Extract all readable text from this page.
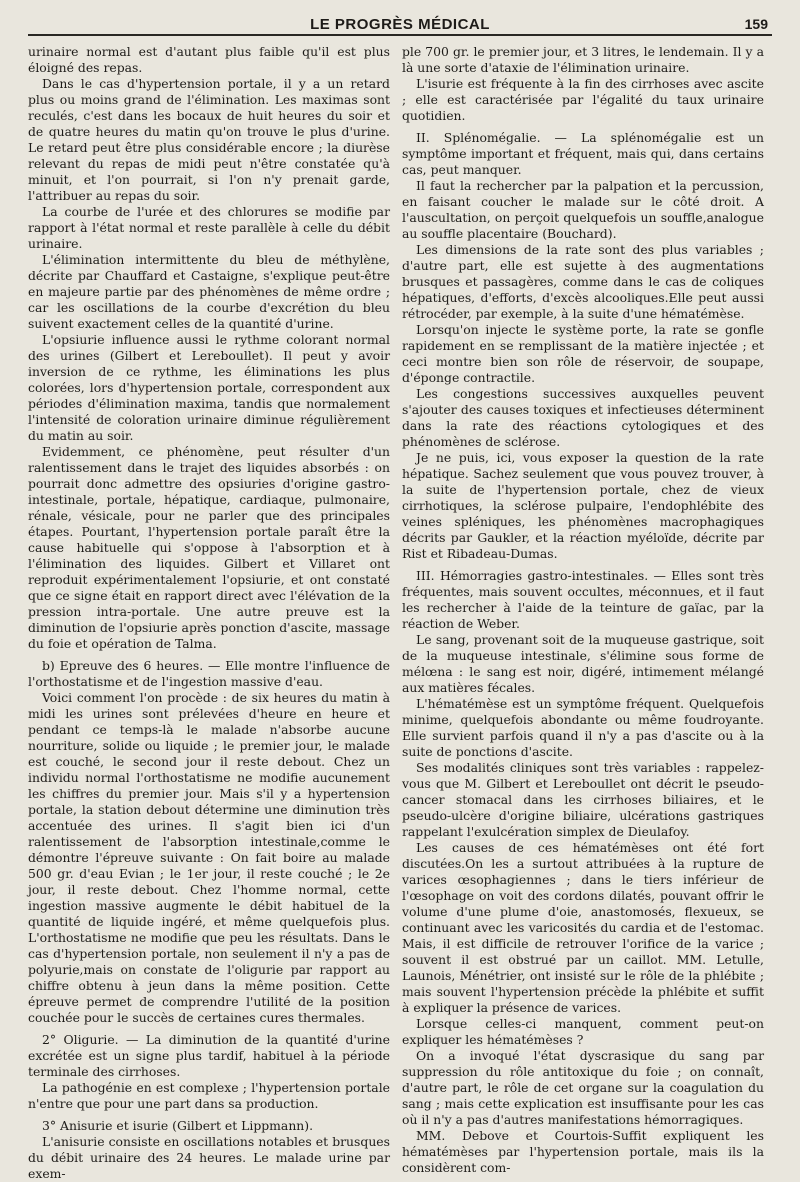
LE PROGRÈS MÉDICAL	159

urinaire normal est d'autant plus faible qu'il est plus éloigné des repas.

Dans le cas d'hypertension portale, il y a un retard plus ou moins grand de l'élimination. Les maximas sont reculés, c'est dans les bocaux de huit heures du soir et de quatre heures du matin qu'on trouve le plus d'urine. Le retard peut être plus considérable encore ; la diurèse relevant du repas de midi peut n'être constatée qu'à minuit, et l'on pourrait, si l'on n'y prenait garde, l'attribuer au repas du soir.

La courbe de l'urée et des chlorures se modifie par rapport à l'état normal et reste parallèle à celle du débit urinaire.

L'élimination intermittente du bleu de méthylène, décrite par Chauffard et Castaigne, s'explique peut-être en majeure partie par des phénomènes de même ordre ; car les oscillations de la courbe d'excrétion du bleu suivent exactement celles de la quantité d'urine.

L'opsiurie influence aussi le rythme colorant normal des urines (Gilbert et Lereboullet). Il peut y avoir inversion de ce rythme, les éliminations les plus colorées, lors d'hypertension portale, correspondent aux périodes d'élimination maxima, tandis que normalement l'intensité de coloration urinaire diminue régulièrement du matin au soir.

Evidemment, ce phénomène, peut résulter d'un ralentissement dans le trajet des liquides absorbés : on pourrait donc admettre des opsiuries d'origine gastro-intestinale, portale, hépatique, cardiaque, pulmonaire, rénale, vésicale, pour ne parler que des principales étapes. Pourtant, l'hypertension portale paraît être la cause habituelle qui s'oppose à l'absorption et à l'élimination des liquides. Gilbert et Villaret ont reproduit expérimentalement l'opsiurie, et ont constaté que ce signe était en rapport direct avec l'élévation de la pression intra-portale. Une autre preuve est la diminution de l'opsiurie après ponction d'ascite, massage du foie et opération de Talma.

b) Epreuve des 6 heures. — Elle montre l'influence de l'orthostatisme et de l'ingestion massive d'eau.

Voici comment l'on procède : de six heures du matin à midi les urines sont prélevées d'heure en heure et pendant ce temps-là le malade n'absorbe aucune nourriture, solide ou liquide ; le premier jour, le malade est couché, le second jour il reste debout. Chez un individu normal l'orthostatisme ne modifie aucunement les chiffres du premier jour. Mais s'il y a hypertension portale, la station debout détermine une diminution très accentuée des urines. Il s'agit bien ici d'un ralentissement de l'absorption intestinale,comme le démontre l'épreuve suivante : On fait boire au malade 500 gr. d'eau Evian ; le 1er jour, il reste couché ; le 2e jour, il reste debout. Chez l'homme normal, cette ingestion massive augmente le débit habituel de la quantité de liquide ingéré, et même quelquefois plus. L'orthostatisme ne modifie que peu les résultats. Dans le cas d'hypertension portale, non seulement il n'y a pas de polyurie,mais on constate de l'oligurie par rapport au chiffre obtenu à jeun dans la même position. Cette épreuve permet de comprendre l'utilité de la position couchée pour le succès de certaines cures thermales.

2° Oligurie. — La diminution de la quantité d'urine excrétée est un signe plus tardif, habituel à la période terminale des cirrhoses.

La pathogénie en est complexe ; l'hypertension portale n'entre que pour une part dans sa production.

3° Anisurie et isurie (Gilbert et Lippmann).

L'anisurie consiste en oscillations notables et brusques du débit urinaire des 24 heures. Le malade urine par exem-

ple 700 gr. le premier jour, et 3 litres, le lendemain. Il y a là une sorte d'ataxie de l'élimination urinaire.

L'isurie est fréquente à la fin des cirrhoses avec ascite ; elle est caractérisée par l'égalité du taux urinaire quotidien.

II. Splénomégalie. — La splénomégalie est un symptôme important et fréquent, mais qui, dans certains cas, peut manquer.

Il faut la rechercher par la palpation et la percussion, en faisant coucher le malade sur le côté droit. A l'auscultation, on perçoit quelquefois un souffle,analogue au souffle placentaire (Bouchard).

Les dimensions de la rate sont des plus variables ; d'autre part, elle est sujette à des augmentations brusques et passagères, comme dans le cas de coliques hépatiques, d'efforts, d'excès alcooliques.Elle peut aussi rétrocéder, par exemple, à la suite d'une hématémèse.

Lorsqu'on injecte le système porte, la rate se gonfle rapidement en se remplissant de la matière injectée ; et ceci montre bien son rôle de réservoir, de soupape, d'éponge contractile.

Les congestions successives auxquelles peuvent s'ajouter des causes toxiques et infectieuses déterminent dans la rate des réactions cytologiques et des phénomènes de sclérose.

Je ne puis, ici, vous exposer la question de la rate hépatique. Sachez seulement que vous pouvez trouver, à la suite de l'hypertension portale, chez de vieux cirrhotiques, la sclérose pulpaire, l'endophlébite des veines spléniques, les phénomènes macrophagiques décrits par Gaukler, et la réaction myéloïde, décrite par Rist et Ribadeau-Dumas.

III. Hémorragies gastro-intestinales. — Elles sont très fréquentes, mais souvent occultes, méconnues, et il faut les rechercher à l'aide de la teinture de gaïac, par la réaction de Weber.

Le sang, provenant soit de la muqueuse gastrique, soit de la muqueuse intestinale, s'élimine sous forme de mélœna : le sang est noir, digéré, intimement mélangé aux matières fécales.

L'hématémèse est un symptôme fréquent. Quelquefois minime, quelquefois abondante ou même foudroyante. Elle survient parfois quand il n'y a pas d'ascite ou à la suite de ponctions d'ascite.

Ses modalités cliniques sont très variables : rappelez-vous que M. Gilbert et Lereboullet ont décrit le pseudo-cancer stomacal dans les cirrhoses biliaires, et le pseudo-ulcère d'origine biliaire, ulcérations gastriques rappelant l'exulcération simplex de Dieulafoy.

Les causes de ces hématémèses ont été fort discutées.On les a surtout attribuées à la rupture de varices œsophagiennes ; dans le tiers inférieur de l'œsophage on voit des cordons dilatés, pouvant offrir le volume d'une plume d'oie, anastomosés, flexueux, se continuant avec les varicosités du cardia et de l'estomac. Mais, il est difficile de retrouver l'orifice de la varice ; souvent il est obstrué par un caillot. MM. Letulle, Launois, Ménétrier, ont insisté sur le rôle de la phlébite ; mais souvent l'hypertension précède la phlébite et suffit à expliquer la présence de varices.

Lorsque celles-ci manquent, comment peut-on expliquer les hématémèses ?

On a invoqué l'état dyscrasique du sang par suppression du rôle antitoxique du foie ; on connaît, d'autre part, le rôle de cet organe sur la coagulation du sang ; mais cette explication est insuffisante pour les cas où il n'y a pas d'autres manifestations hémorragiques.

MM. Debove et Courtois-Suffit expliquent les hématémèses par l'hypertension portale, mais ils la considèrent com-
